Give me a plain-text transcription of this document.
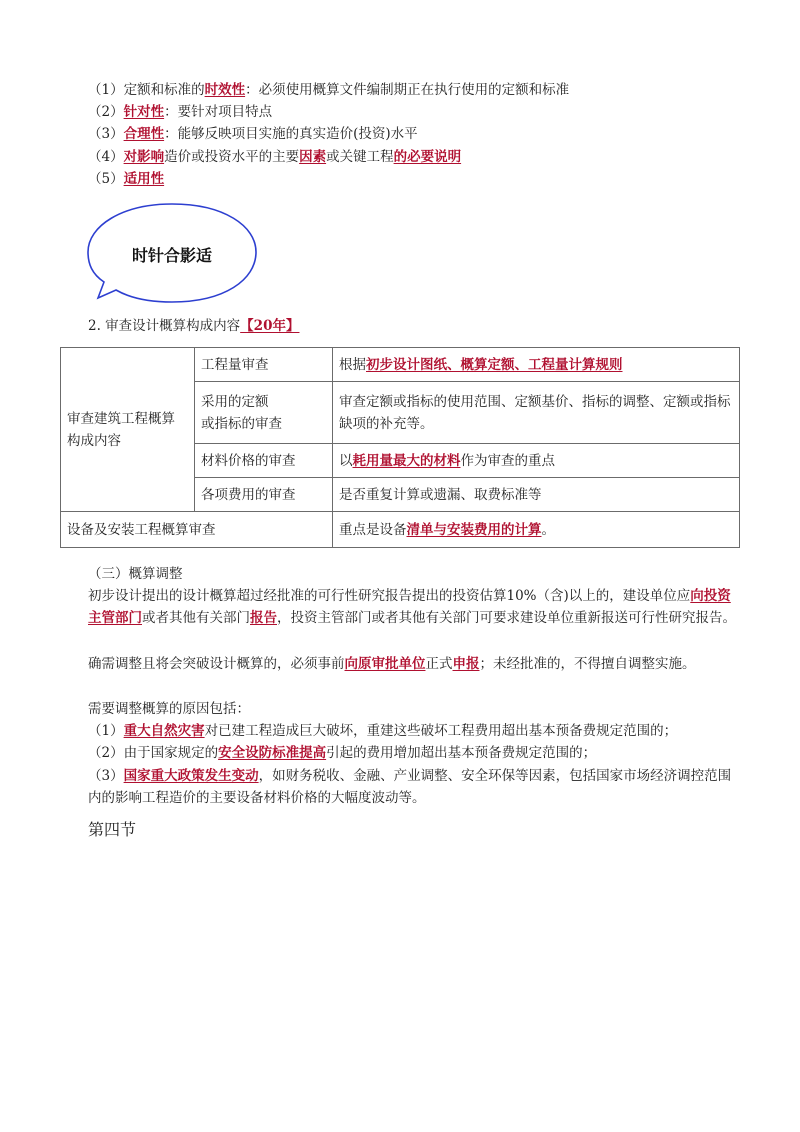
（1）定额和标准的时效性：必须使用概算文件编制期正在执行使用的定额和标准
（2）针对性：要针对项目特点
（3）合理性：能够反映项目实施的真实造价(投资)水平
（4）对影响造价或投资水平的主要因素或关键工程的必要说明
（5）适用性
时针合影适
2. 审查设计概算构成内容【20年】
审查建筑工程概算构成内容	工程量审查	根据初步设计图纸、概算定额、工程量计算规则

	采用的定额
或指标的审查	审查定额或指标的使用范围、定额基价、指标的调整、定额或指标缺项的补充等。
	材料价格的审查	以耗用量最大的材料作为审查的重点
	各项费用的审查	是否重复计算或遗漏、取费标准等
设备及安装工程概算审查		重点是设备清单与安装费用的计算。
（三）概算调整
初步设计提出的设计概算超过经批准的可行性研究报告提出的投资估算10%（含)以上的，建设单位应向投资主管部门或者其他有关部门报告，投资主管部门或者其他有关部门可要求建设单位重新报送可行性研究报告。
确需调整且将会突破设计概算的，必须事前向原审批单位正式申报；未经批准的，不得擅自调整实施。
需要调整概算的原因包括：
（1）重大自然灾害对已建工程造成巨大破坏，重建这些破坏工程费用超出基本预备费规定范围的；
（2）由于国家规定的安全设防标准提高引起的费用增加超出基本预备费规定范围的；
（3）国家重大政策发生变动，如财务税收、金融、产业调整、安全环保等因素，包括国家市场经济调控范围内的影响工程造价的主要设备材料价格的大幅度波动等。
第四节
